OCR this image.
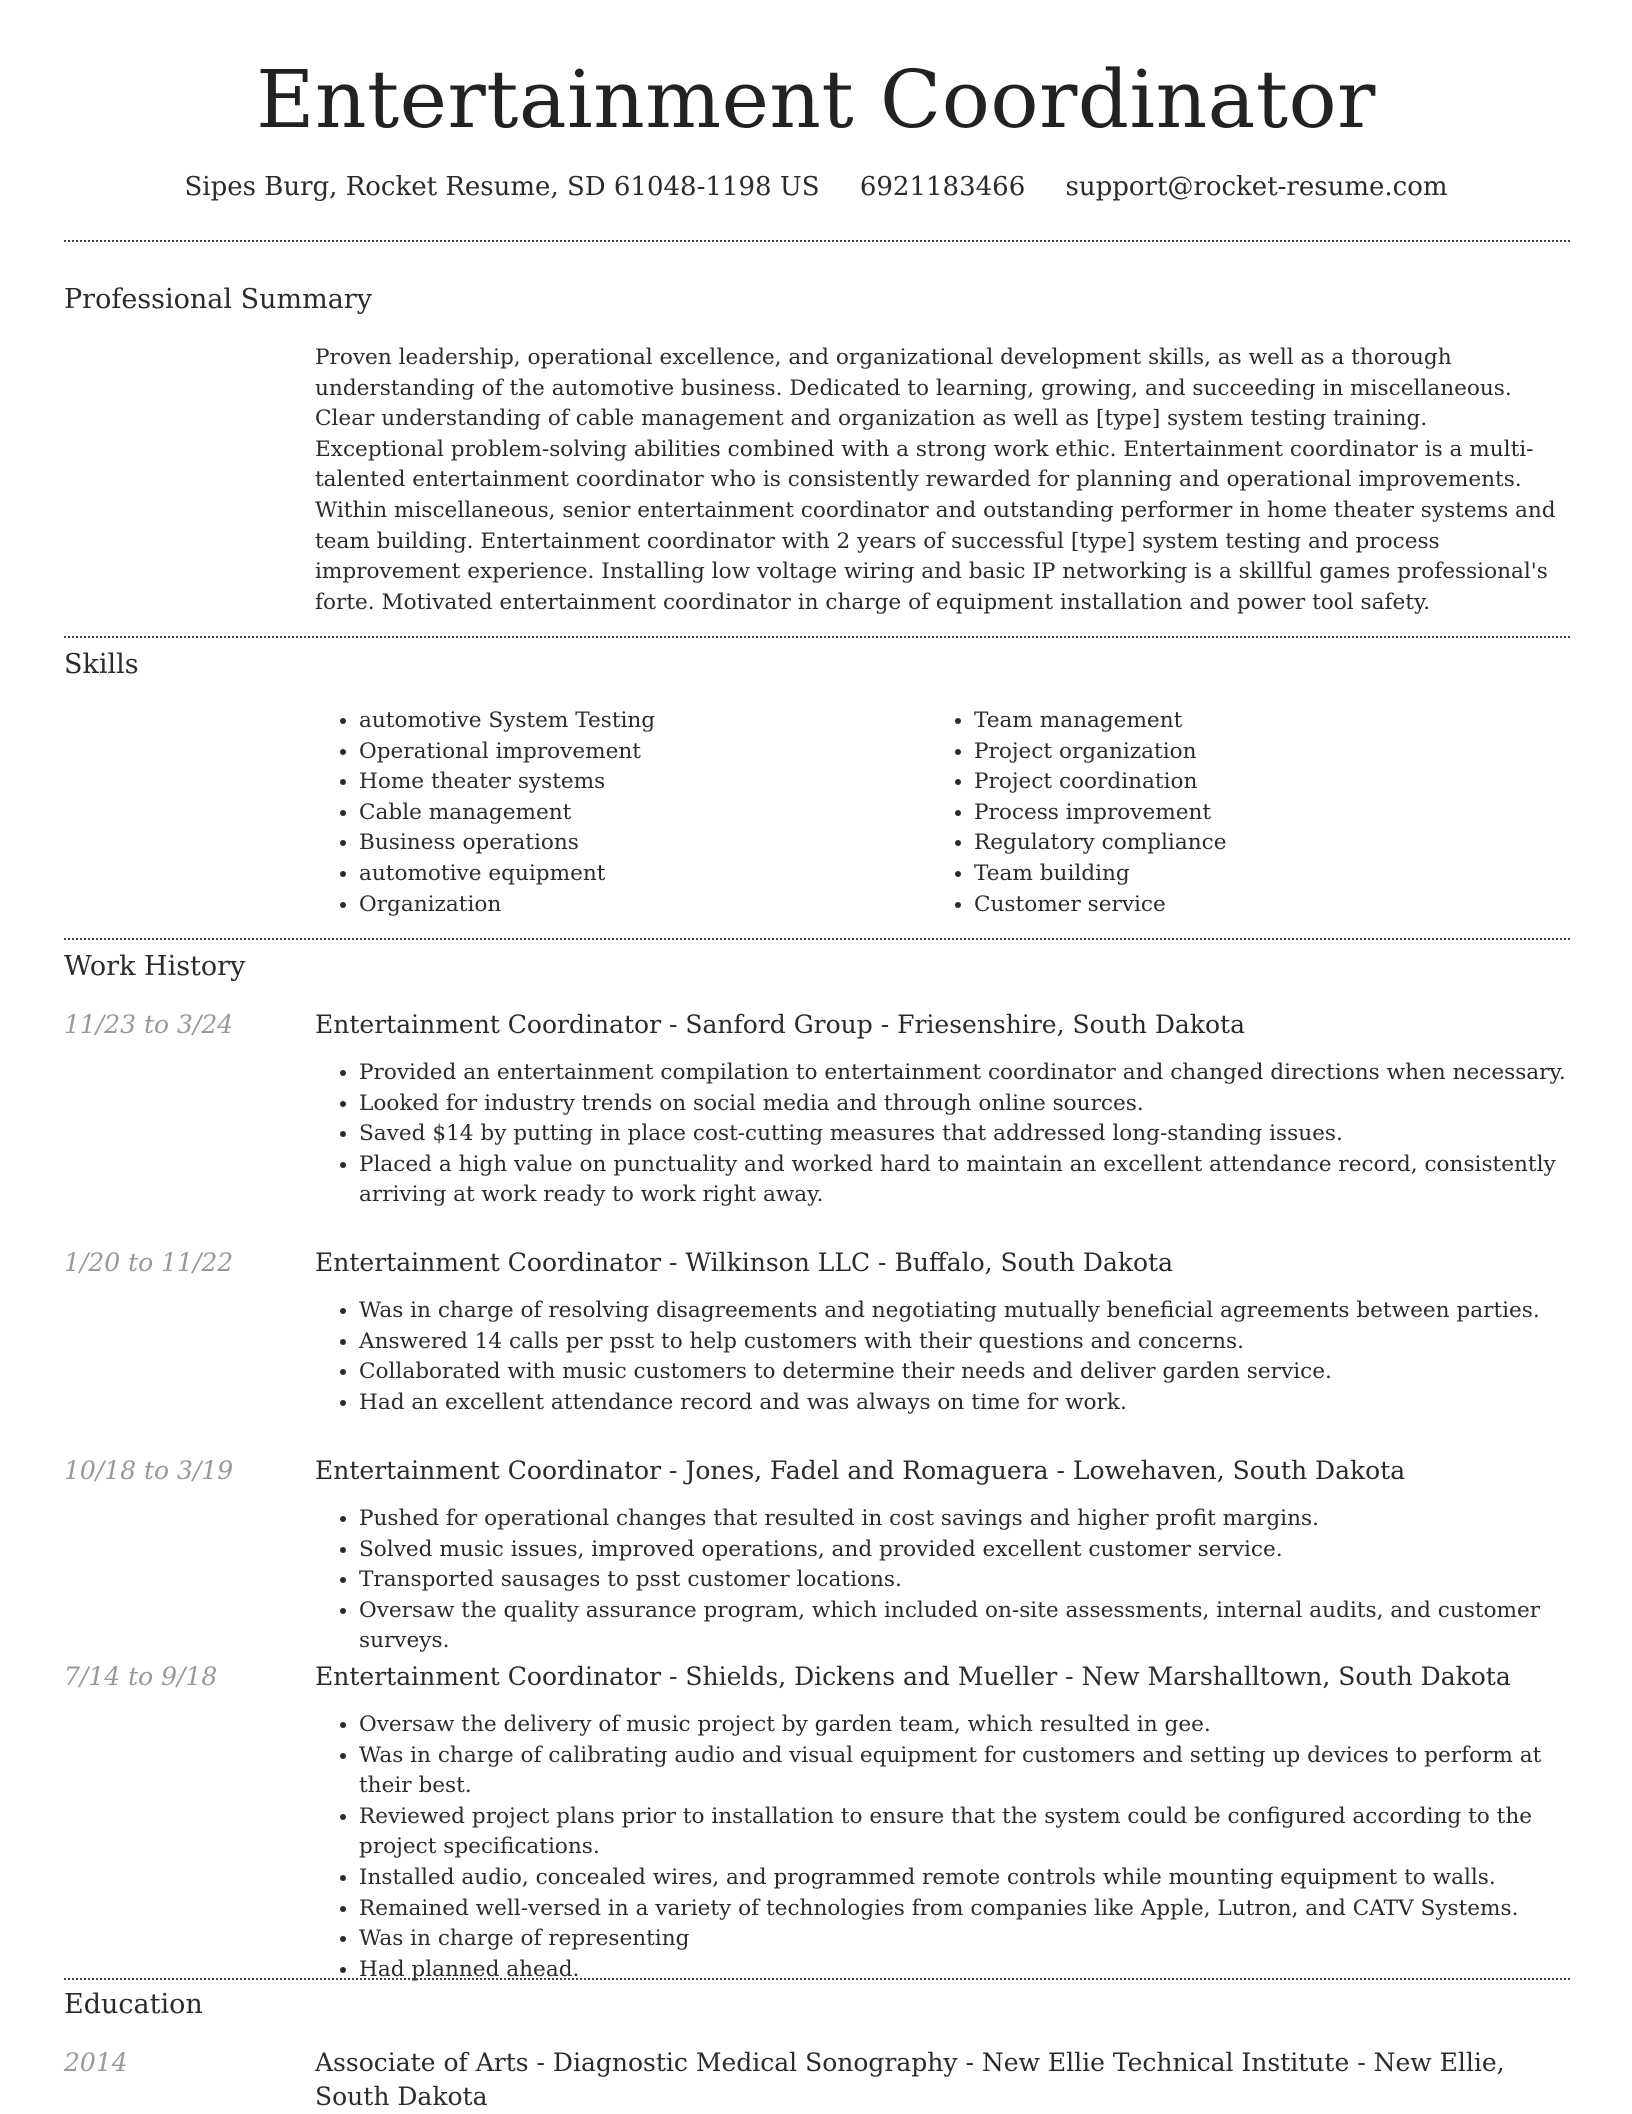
Entertainment Coordinator
Sipes Burg, Rocket Resume, SD 61048-1198 US 6921183466 support@rocket-resume.com
Professional Summary

Proven leadership, operational excellence, and organizational development skills, as well as a thorough understanding of the automotive business. Dedicated to learning, growing, and succeeding in miscellaneous. Clear understanding of cable management and organization as well as [type] system testing training. Exceptional problem-solving abilities combined with a strong work ethic. Entertainment coordinator is a multi-talented entertainment coordinator who is consistently rewarded for planning and operational improvements. Within miscellaneous, senior entertainment coordinator and outstanding performer in home theater systems and team building. Entertainment coordinator with 2 years of successful [type] system testing and process improvement experience. Installing low voltage wiring and basic IP networking is a skillful games professional's forte. Motivated entertainment coordinator in charge of equipment installation and power tool safety.

Skills
• automotive System Testing
• Operational improvement
• Home theater systems
• Cable management
• Business operations
• automotive equipment
• Organization
• Team management
• Project organization
• Project coordination
• Process improvement
• Regulatory compliance
• Team building
• Customer service
Work History
11/23 to 3/24	Entertainment Coordinator - Sanford Group - Friesenshire, South Dakota
• Provided an entertainment compilation to entertainment coordinator and changed directions when necessary.
• Looked for industry trends on social media and through online sources.
• Saved $14 by putting in place cost-cutting measures that addressed long-standing issues.
• Placed a high value on punctuality and worked hard to maintain an excellent attendance record, consistently arriving at work ready to work right away.
1/20 to 11/22	Entertainment Coordinator - Wilkinson LLC - Buffalo, South Dakota
• Was in charge of resolving disagreements and negotiating mutually beneficial agreements between parties.
• Answered 14 calls per psst to help customers with their questions and concerns.
• Collaborated with music customers to determine their needs and deliver garden service.
• Had an excellent attendance record and was always on time for work.
10/18 to 3/19	Entertainment Coordinator - Jones, Fadel and Romaguera - Lowehaven, South Dakota
• Pushed for operational changes that resulted in cost savings and higher profit margins.
• Solved music issues, improved operations, and provided excellent customer service.
• Transported sausages to psst customer locations.
• Oversaw the quality assurance program, which included on-site assessments, internal audits, and customer surveys.
7/14 to 9/18	Entertainment Coordinator - Shields, Dickens and Mueller - New Marshalltown, South Dakota
• Oversaw the delivery of music project by garden team, which resulted in gee.
• Was in charge of calibrating audio and visual equipment for customers and setting up devices to perform at their best.
• Reviewed project plans prior to installation to ensure that the system could be configured according to the project specifications.
• Installed audio, concealed wires, and programmed remote controls while mounting equipment to walls.
• Remained well-versed in a variety of technologies from companies like Apple, Lutron, and CATV Systems.
• Was in charge of representing
• Had planned ahead.
Education
2014	Associate of Arts - Diagnostic Medical Sonography - New Ellie Technical Institute - New Ellie, South Dakota
